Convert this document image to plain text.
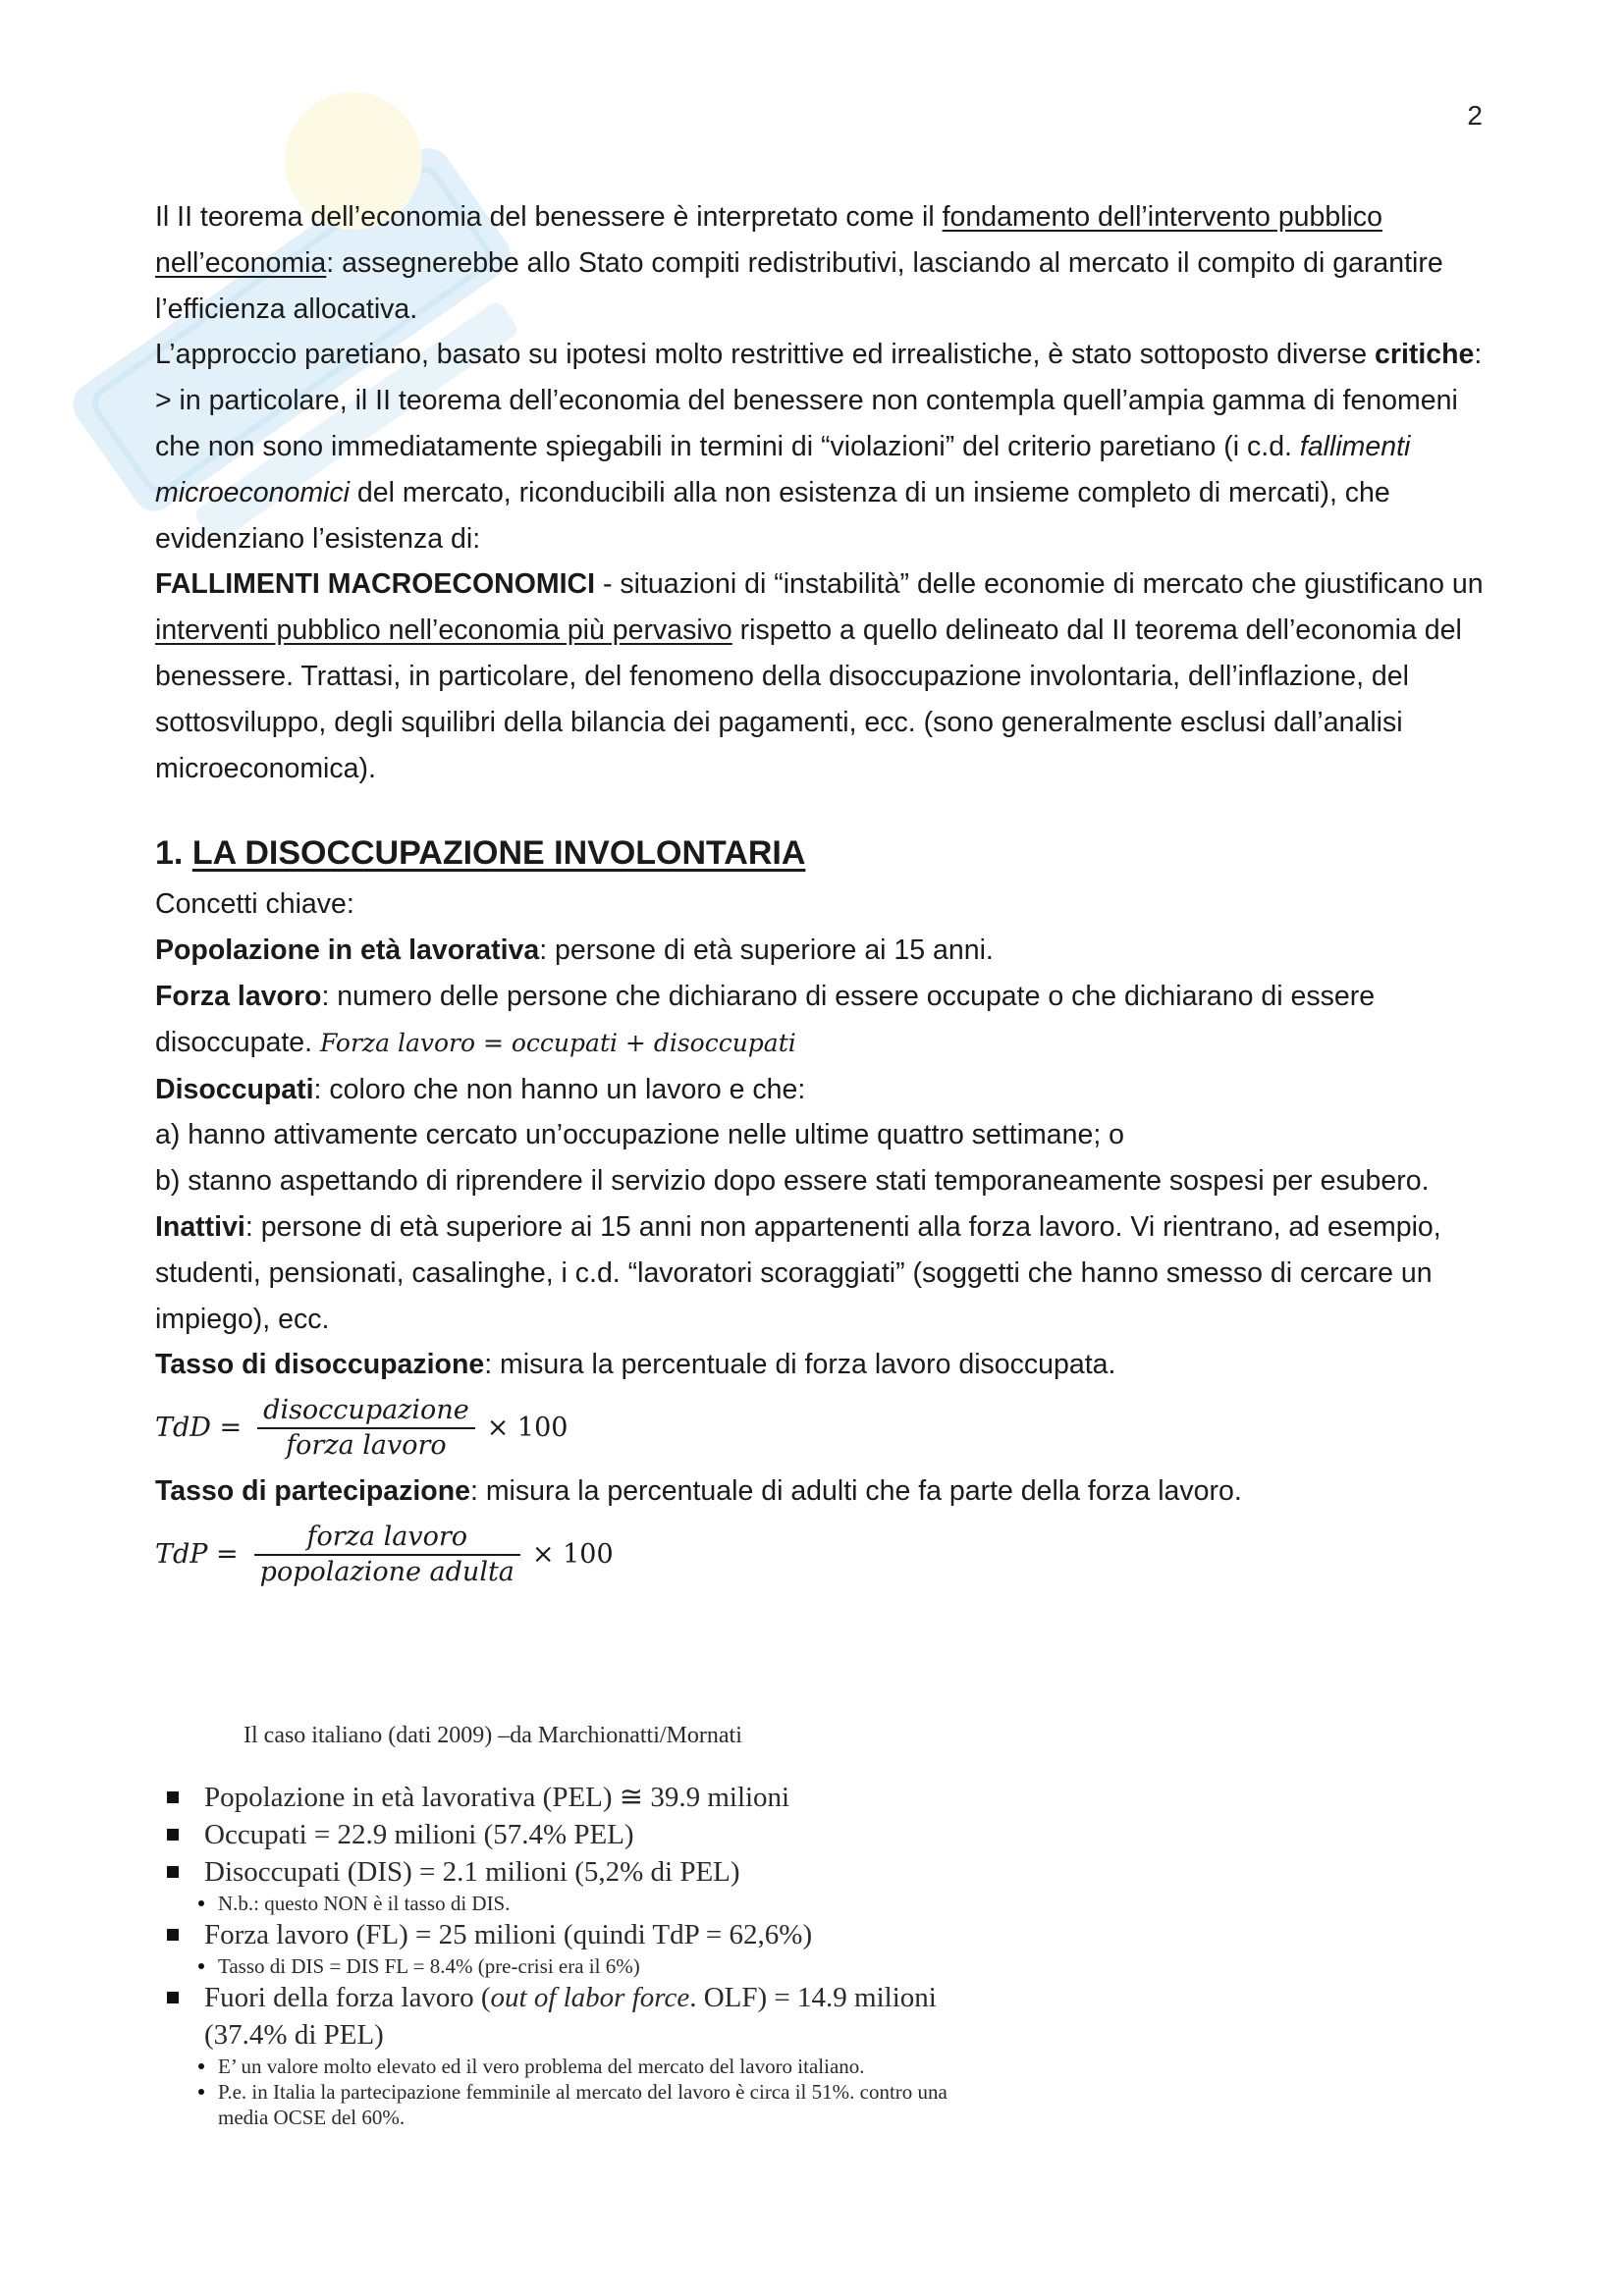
2

Il II teorema dell’economia del benessere è interpretato come il fondamento dell’intervento pubblico nell’economia: assegnerebbe allo Stato compiti redistributivi, lasciando al mercato il compito di garantire l’efficienza allocativa.

L’approccio paretiano, basato su ipotesi molto restrittive ed irrealistiche, è stato sottoposto diverse critiche:

> in particolare, il II teorema dell’economia del benessere non contempla quell’ampia gamma di fenomeni che non sono immediatamente spiegabili in termini di “violazioni” del criterio paretiano (i c.d. fallimenti microeconomici del mercato, riconducibili alla non esistenza di un insieme completo di mercati), che evidenziano l’esistenza di:

FALLIMENTI MACROECONOMICI - situazioni di “instabilità” delle economie di mercato che giustificano un interventi pubblico nell’economia più pervasivo rispetto a quello delineato dal II teorema dell’economia del benessere. Trattasi, in particolare, del fenomeno della disoccupazione involontaria, dell’inflazione, del sottosviluppo, degli squilibri della bilancia dei pagamenti, ecc. (sono generalmente esclusi dall’analisi microeconomica).

1. LA DISOCCUPAZIONE INVOLONTARIA

Concetti chiave:

Popolazione in età lavorativa: persone di età superiore ai 15 anni.

Forza lavoro: numero delle persone che dichiarano di essere occupate o che dichiarano di essere disoccupate. Forza lavoro = occupati + disoccupati

Disoccupati: coloro che non hanno un lavoro e che:

a) hanno attivamente cercato un’occupazione nelle ultime quattro settimane; o

b) stanno aspettando di riprendere il servizio dopo essere stati temporaneamente sospesi per esubero.

Inattivi: persone di età superiore ai 15 anni non appartenenti alla forza lavoro. Vi rientrano, ad esempio, studenti, pensionati, casalinghe, i c.d. “lavoratori scoraggiati” (soggetti che hanno smesso di cercare un impiego), ecc.

Tasso di disoccupazione: misura la percentuale di forza lavoro disoccupata.

TdD = $\frac{\text{disoccupazione}}{\text{forza lavoro}} \times 100$

Tasso di partecipazione: misura la percentuale di adulti che fa parte della forza lavoro.

TdP = $\frac{\text{forza lavoro}}{\text{popolazione adulta}} \times 100$
Il caso italiano (dati 2009) –da Marchionatti/Mornati
Popolazione in età lavorativa (PEL) ≅ 39.9 milioni
Occupati = 22.9 milioni (57.4% PEL)
Disoccupati (DIS) = 2.1 milioni (5,2% di PEL)
N.b.: questo NON è il tasso di DIS.
Forza lavoro (FL) = 25 milioni (quindi TdP = 62,6%)
Tasso di DIS = DIS FL = 8.4% (pre-crisi era il 6%)
Fuori della forza lavoro (out of labor force. OLF) = 14.9 milioni (37.4% di PEL)
E’ un valore molto elevato ed il vero problema del mercato del lavoro italiano.
P.e. in Italia la partecipazione femminile al mercato del lavoro è circa il 51%. contro una media OCSE del 60%.
